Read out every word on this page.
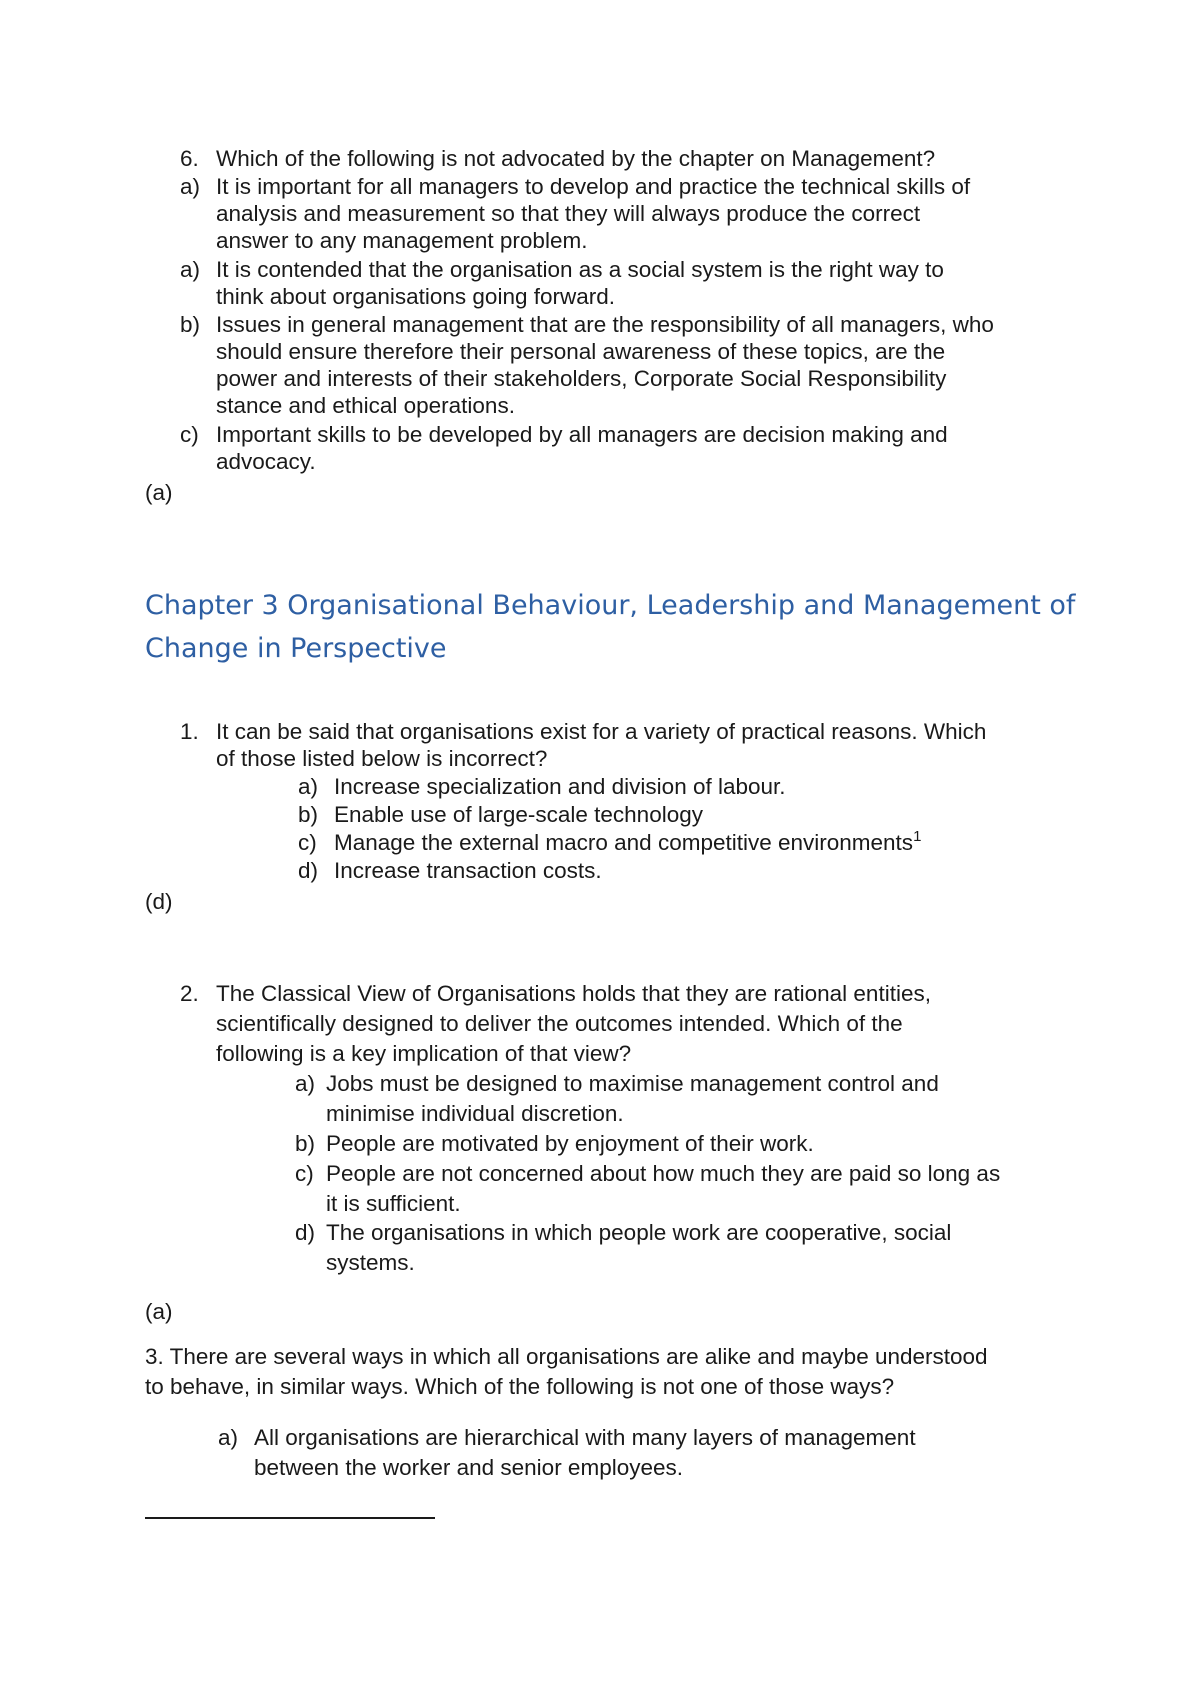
6. Which of the following is not advocated by the chapter on Management?
a) It is important for all managers to develop and practice the technical skills of
analysis and measurement so that they will always produce the correct
answer to any management problem.
a) It is contended that the organisation as a social system is the right way to
think about organisations going forward.
b) Issues in general management that are the responsibility of all managers, who
should ensure therefore their personal awareness of these topics, are the
power and interests of their stakeholders, Corporate Social Responsibility
stance and ethical operations.
c) Important skills to be developed by all managers are decision making and
advocacy.
(a)
Chapter 3 Organisational Behaviour, Leadership and Management of
Change in Perspective
1. It can be said that organisations exist for a variety of practical reasons. Which
of those listed below is incorrect?
a) Increase specialization and division of labour.
b) Enable use of large-scale technology
c) Manage the external macro and competitive environments$^1$
d) Increase transaction costs.
(d)
2. The Classical View of Organisations holds that they are rational entities,
scientifically designed to deliver the outcomes intended. Which of the
following is a key implication of that view?
a) Jobs must be designed to maximise management control and
minimise individual discretion.
b) People are motivated by enjoyment of their work.
c) People are not concerned about how much they are paid so long as
it is sufficient.
d) The organisations in which people work are cooperative, social
systems.
(a)
3. There are several ways in which all organisations are alike and maybe understood
to behave, in similar ways. Which of the following is not one of those ways?
a) All organisations are hierarchical with many layers of management
between the worker and senior employees.
